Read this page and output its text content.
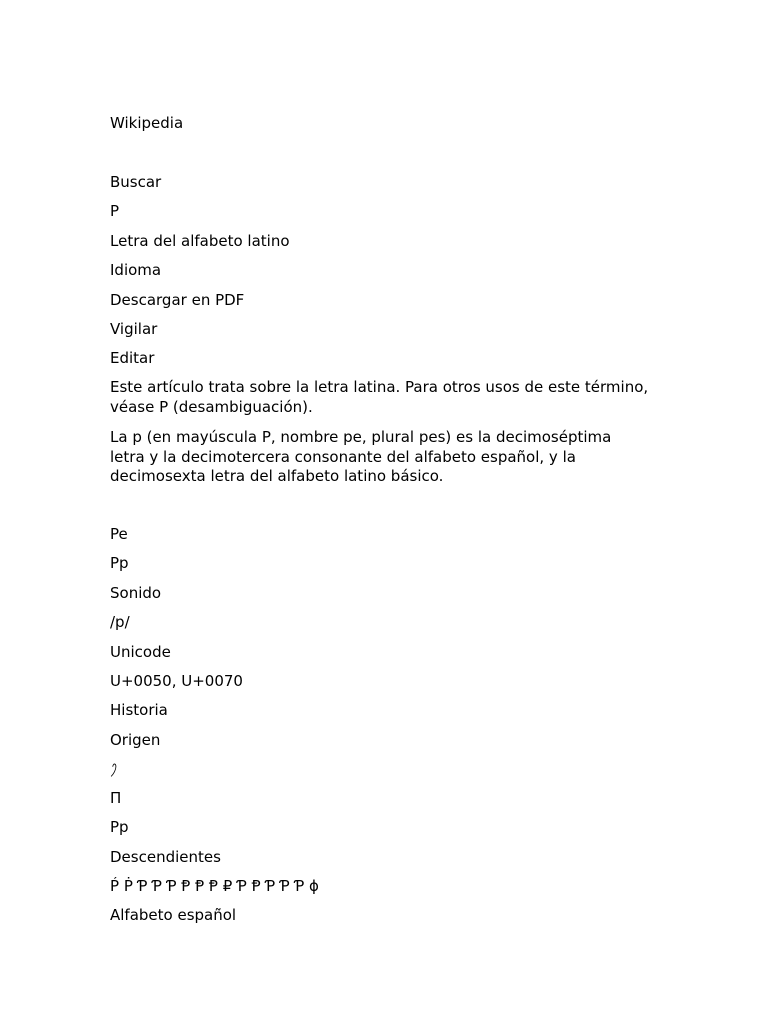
Wikipedia
Buscar
P
Letra del alfabeto latino
Idioma
Descargar en PDF
Vigilar
Editar
Este artículo trata sobre la letra latina. Para otros usos de este término, véase P (desambiguación).
La p (en mayúscula P, nombre pe, plural pes) es la decimoséptima letra y la decimotercera consonante del alfabeto español, y la decimosexta letra del alfabeto latino básico.
Pe
Pp
Sonido
/p/
Unicode
U+0050, U+0070
Historia
Origen
𐤐
Π
Pp
Descendientes
Ṕ Ṗ Ƥ Ƥ Ƥ Ᵽ Ᵽ Ᵽ ₽ Ƥ Ᵽ Ƥ Ƥ Ƥ ɸ
Alfabeto español
